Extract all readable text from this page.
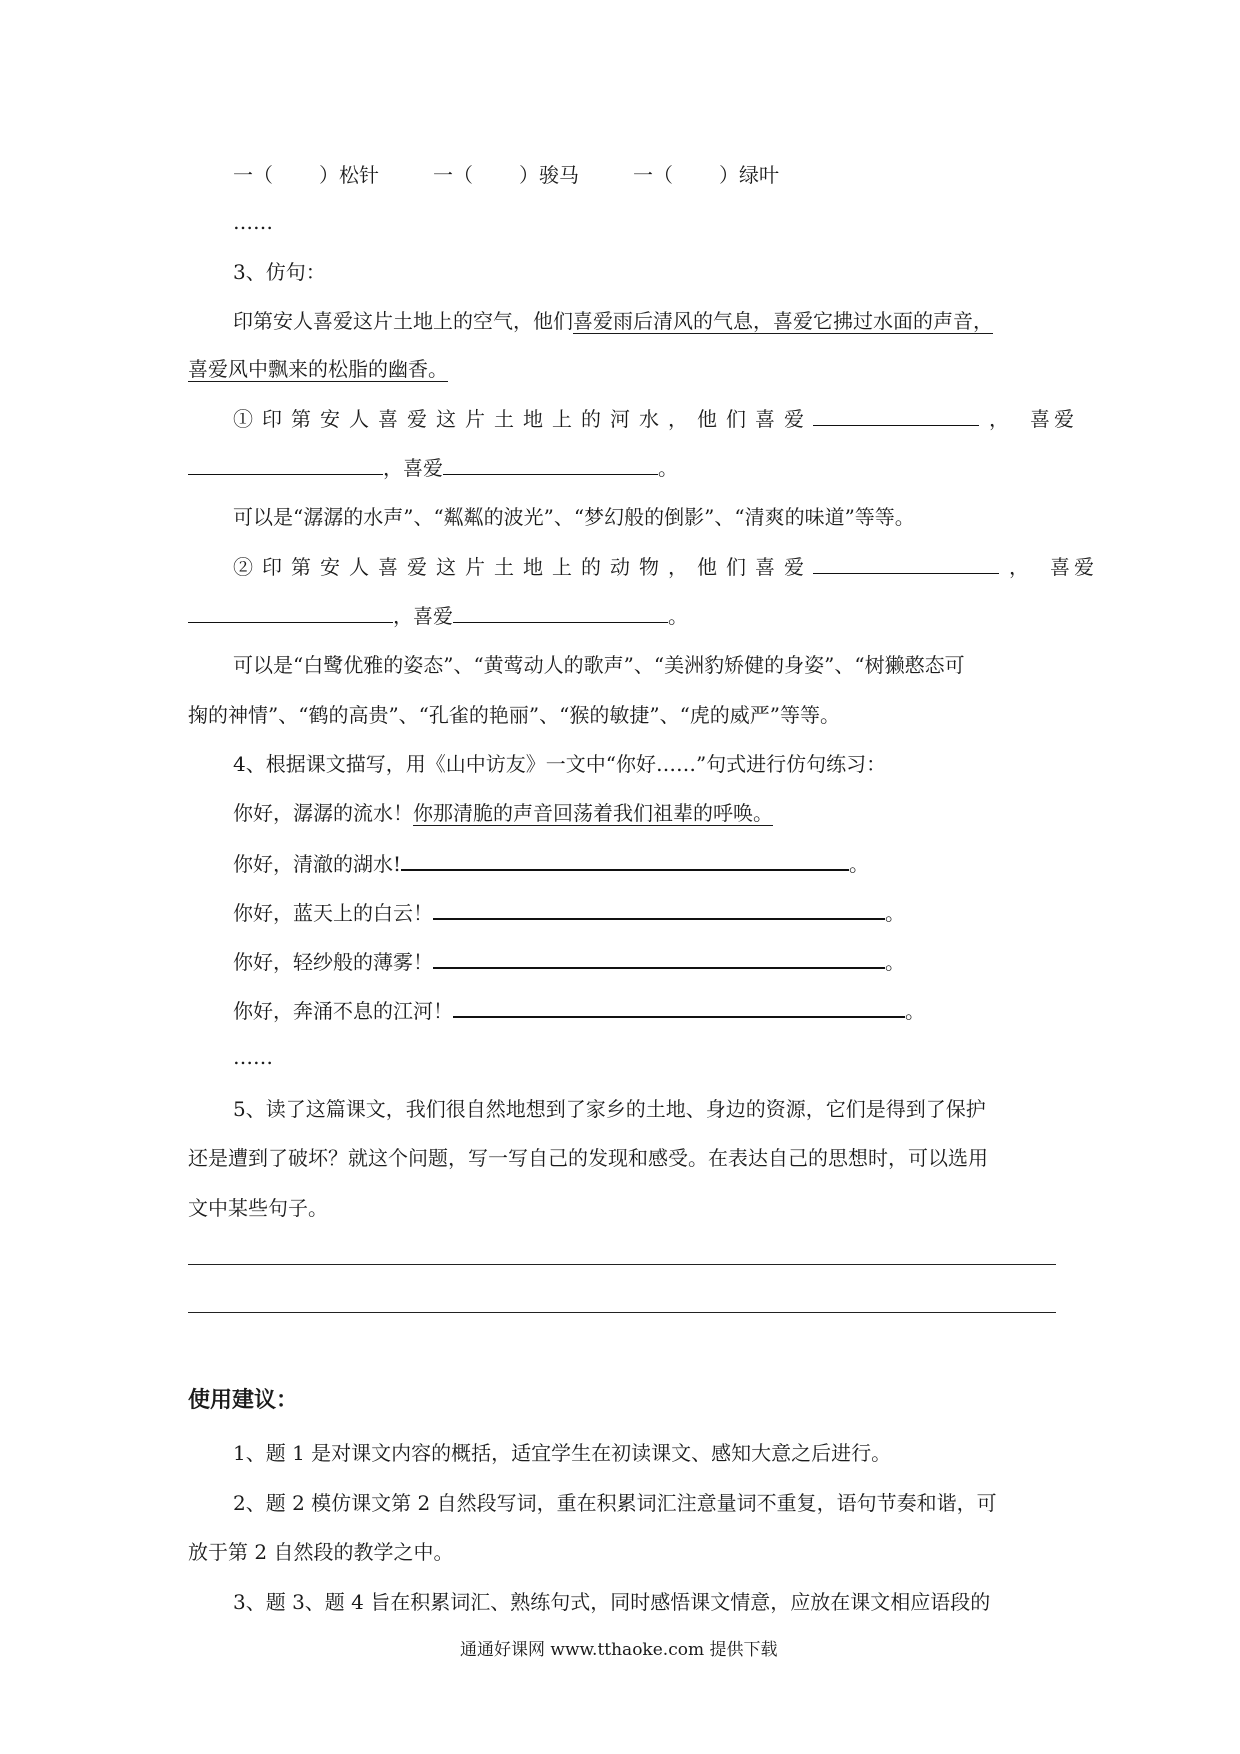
一（ ）松针	一（ ）骏马	一（ ）绿叶
……
3、仿句：
印第安人喜爱这片土地上的空气，他们喜爱雨后清风的气息，喜爱它拂过水面的声音，
喜爱风中飘来的松脂的幽香。
①印第安人喜爱这片土地上的河水，他们喜爱	， 喜爱
，喜爱	。
可以是“潺潺的水声”、“粼粼的波光”、“梦幻般的倒影”、“清爽的味道”等等。
②印第安人喜爱这片土地上的动物，他们喜爱	， 喜爱
，喜爱	。
可以是“白鹭优雅的姿态”、“黄莺动人的歌声”、“美洲豹矫健的身姿”、“树獭憨态可
掬的神情”、“鹤的高贵”、“孔雀的艳丽”、“猴的敏捷”、“虎的威严”等等。
4、根据课文描写，用《山中访友》一文中“你好……”句式进行仿句练习：
你好，潺潺的流水！你那清脆的声音回荡着我们祖辈的呼唤。
你好，清澈的湖水!	。
你好，蓝天上的白云！	。
你好，轻纱般的薄雾！	。
你好，奔涌不息的江河！	。
……
5、读了这篇课文，我们很自然地想到了家乡的土地、身边的资源，它们是得到了保护
还是遭到了破坏？就这个问题，写一写自己的发现和感受。在表达自己的思想时，可以选用
文中某些句子。
使用建议：
1、题 1 是对课文内容的概括，适宜学生在初读课文、感知大意之后进行。
2、题 2 模仿课文第 2 自然段写词，重在积累词汇注意量词不重复，语句节奏和谐，可
放于第 2 自然段的教学之中。
3、题 3、题 4 旨在积累词汇、熟练句式，同时感悟课文情意，应放在课文相应语段的
通通好课网 www.tthaoke.com 提供下载
